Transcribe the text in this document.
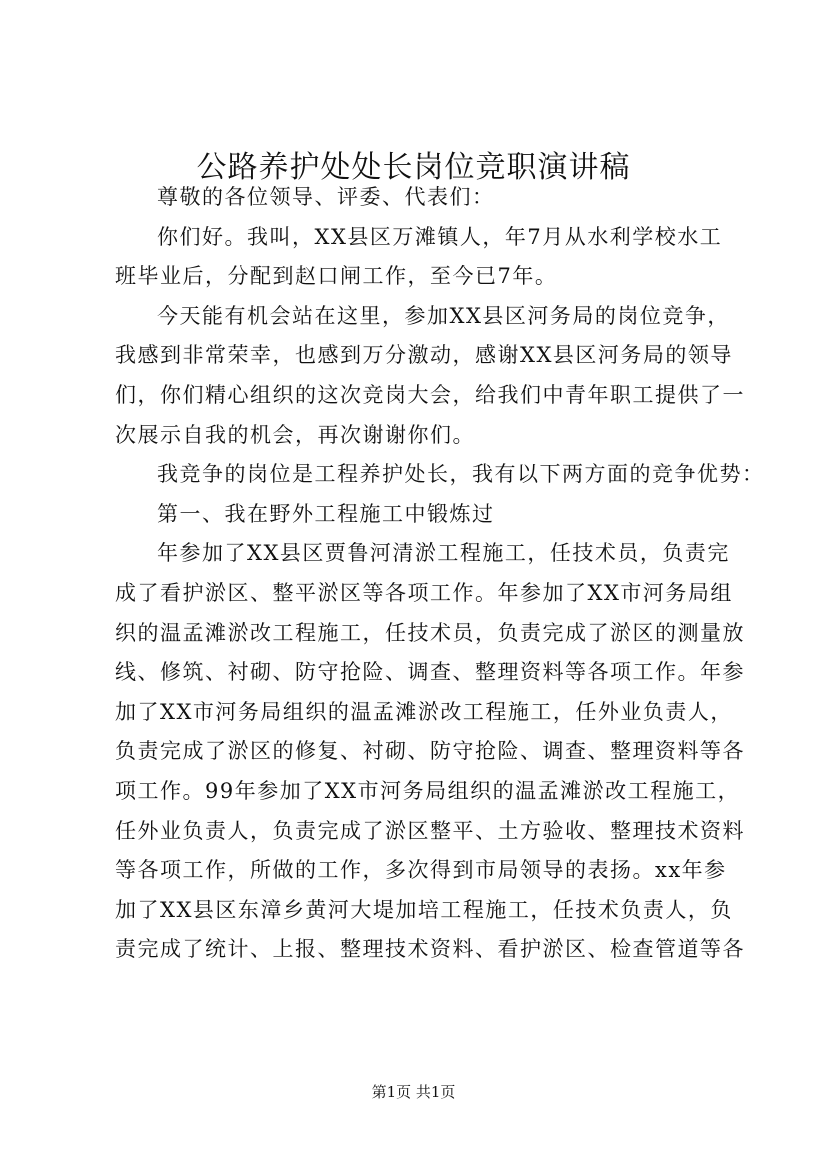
公路养护处处长岗位竞职演讲稿
尊敬的各位领导、评委、代表们：
你们好。我叫，XX县区万滩镇人，年7月从水利学校水工
班毕业后，分配到赵口闸工作，至今已7年。
今天能有机会站在这里，参加XX县区河务局的岗位竞争，
我感到非常荣幸，也感到万分激动，感谢XX县区河务局的领导
们，你们精心组织的这次竞岗大会，给我们中青年职工提供了一
次展示自我的机会，再次谢谢你们。
我竞争的岗位是工程养护处长，我有以下两方面的竞争优势：
第一、我在野外工程施工中锻炼过
年参加了XX县区贾鲁河清淤工程施工，任技术员，负责完
成了看护淤区、整平淤区等各项工作。年参加了XX市河务局组
织的温孟滩淤改工程施工，任技术员，负责完成了淤区的测量放
线、修筑、衬砌、防守抢险、调查、整理资料等各项工作。年参
加了XX市河务局组织的温孟滩淤改工程施工，任外业负责人，
负责完成了淤区的修复、衬砌、防守抢险、调查、整理资料等各
项工作。99年参加了XX市河务局组织的温孟滩淤改工程施工，
任外业负责人，负责完成了淤区整平、土方验收、整理技术资料
等各项工作，所做的工作，多次得到市局领导的表扬。xx年参
加了XX县区东漳乡黄河大堤加培工程施工，任技术负责人，负
责完成了统计、上报、整理技术资料、看护淤区、检查管道等各
第1页 共1页
